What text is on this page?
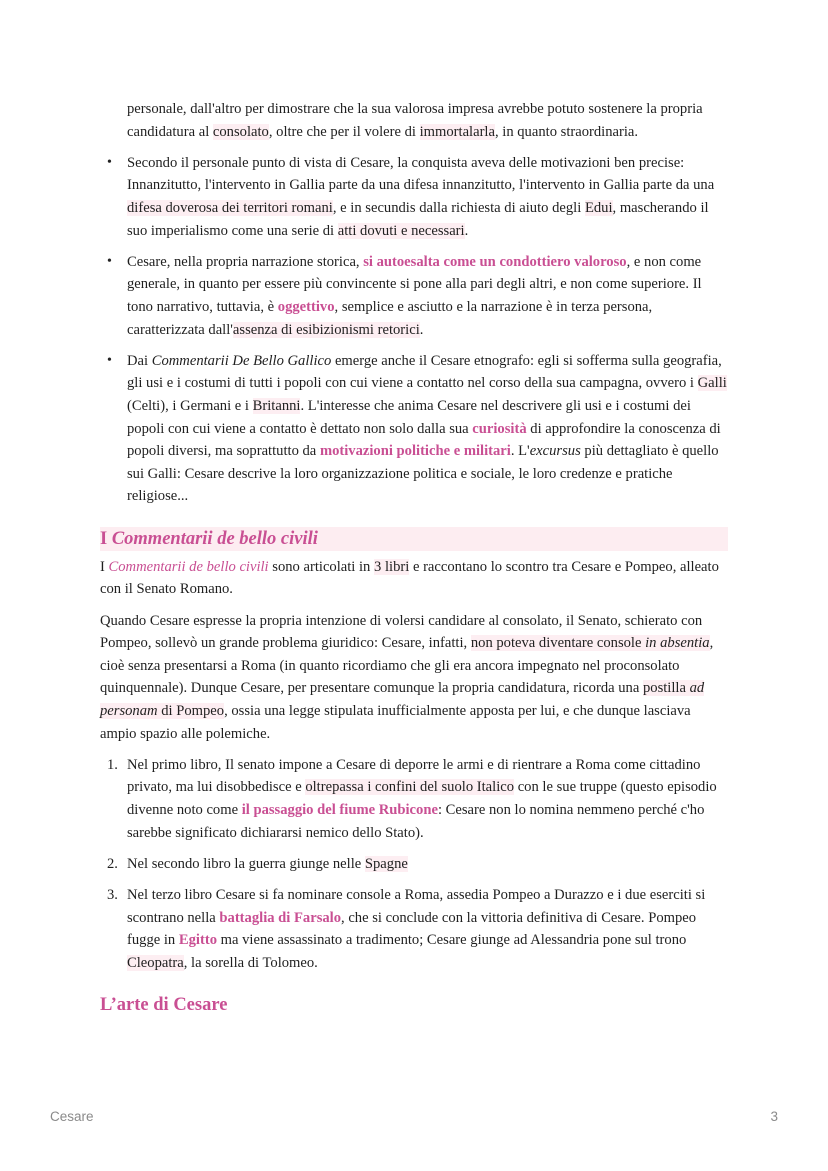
personale, dall'altro per dimostrare che la sua valorosa impresa avrebbe potuto sostenere la propria candidatura al consolato, oltre che per il volere di immortalarla, in quanto straordinaria.
• Secondo il personale punto di vista di Cesare, la conquista aveva delle motivazioni ben precise: Innanzitutto, l'intervento in Gallia parte da una difesa innanzitutto, l'intervento in Gallia parte da una difesa doverosa dei territori romani, e in secundis dalla richiesta di aiuto degli Edui, mascherando il suo imperialismo come una serie di atti dovuti e necessari.
• Cesare, nella propria narrazione storica, si autoesalta come un condottiero valoroso, e non come generale, in quanto per essere più convincente si pone alla pari degli altri, e non come superiore. Il tono narrativo, tuttavia, è oggettivo, semplice e asciutto e la narrazione è in terza persona, caratterizzata dall'assenza di esibizionismi retorici.
• Dai Commentarii De Bello Gallico emerge anche il Cesare etnografo: egli si sofferma sulla geografia, gli usi e i costumi di tutti i popoli con cui viene a contatto nel corso della sua campagna, ovvero i Galli (Celti), i Germani e i Britanni. L'interesse che anima Cesare nel descrivere gli usi e i costumi dei popoli con cui viene a contatto è dettato non solo dalla sua curiosità di approfondire la conoscenza di popoli diversi, ma soprattutto da motivazioni politiche e militari. L'excursus più dettagliato è quello sui Galli: Cesare descrive la loro organizzazione politica e sociale, le loro credenze e pratiche religiose...
I Commentarii de bello civili

I Commentarii de bello civili sono articolati in 3 libri e raccontano lo scontro tra Cesare e Pompeo, alleato con il Senato Romano.

Quando Cesare espresse la propria intenzione di volersi candidare al consolato, il Senato, schierato con Pompeo, sollevò un grande problema giuridico: Cesare, infatti, non poteva diventare console in absentia, cioè senza presentarsi a Roma (in quanto ricordiamo che gli era ancora impegnato nel proconsolato quinquennale). Dunque Cesare, per presentare comunque la propria candidatura, ricorda una postilla ad personam di Pompeo, ossia una legge stipulata inufficialmente apposta per lui, e che dunque lasciava ampio spazio alle polemiche.

1. Nel primo libro, Il senato impone a Cesare di deporre le armi e di rientrare a Roma come cittadino privato, ma lui disobbedisce e oltrepassa i confini del suolo Italico con le sue truppe (questo episodio divenne noto come il passaggio del fiume Rubicone: Cesare non lo nomina nemmeno perché c'ho sarebbe significato dichiararsi nemico dello Stato).
2. Nel secondo libro la guerra giunge nelle Spagne
3. Nel terzo libro Cesare si fa nominare console a Roma, assedia Pompeo a Durazzo e i due eserciti si scontrano nella battaglia di Farsalo, che si conclude con la vittoria definitiva di Cesare. Pompeo fugge in Egitto ma viene assassinato a tradimento; Cesare giunge ad Alessandria pone sul trono Cleopatra, la sorella di Tolomeo.
L’arte di Cesare
Cesare	3
